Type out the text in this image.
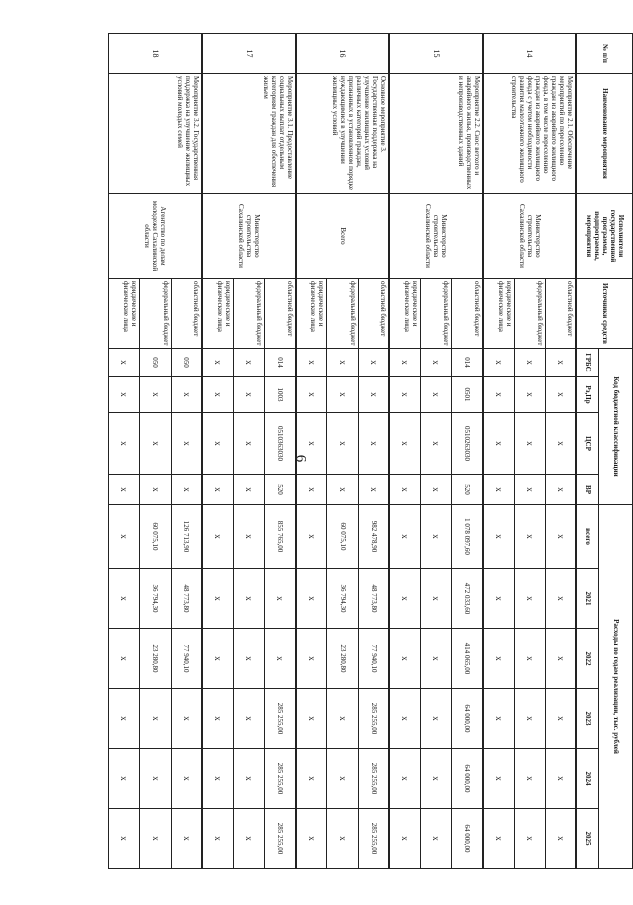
6
№ п/п	Наименование мероприятия	Исполнители государственной программы, подпрограммы, мероприятия	Источники средств	Код бюджетной классификации				Расходы по годам реализации, тыс. рублей					
				ГРБС	Рз,Пр	ЦСР	ВР	всего	2021	2022	2023	2024	2025
14	Мероприятие 2.1. Обеспечение мероприятий по переселению граждан из аварийного жилищного фонда, в том числе переселению граждан из аварийного жилищного фонда с учетом необходимости развития малоэтажного жилищного строительства	Министерство строительства Сахалинской области	областной бюджет	x	x	x	x	x	x	x	x	x	x
			федеральный бюджет	x	x	x	x	x	x	x	x	x	x
			юридические и физические лица	x	x	x	x	x	x	x	x	x	x
15	Мероприятие 2.2. Снос ветхого и аварийного жилья, производственных и непроизводственных зданий	Министерство строительства Сахалинской области	областной бюджет	014	0501	0510263030	520	1 078 097,60	472 033,60	414 065,00	64 000,00	64 000,00	64 000,00
			федеральный бюджет	x	x	x	x	x	x	x	x	x	x
			юридические и физические лица	x	x	x	x	x	x	x	x	x	x
16	Основное мероприятие 3. Государственная поддержка на улучшение жилищных условий различных категорий граждан, признанных в установленном порядке нуждающимися в улучшении жилищных условий	Всего	областной бюджет	x	x	x	x	982 478,90	48 773,80	77 940,10	285 255,00	285 255,00	285 255,00
			федеральный бюджет	x	x	x	x	60 075,10	36 794,30	23 280,80	x	x	x
			юридические и физические лица	x	x	x	x	x	x	x	x	x	x
17	Мероприятие 3.1. Предоставление социальных выплат отдельным категориям граждан для обеспечения жильем	Министерство строительства Сахалинской области	областной бюджет	014	1003	0510363030	520	855 765,00	x	x	285 255,00	285 255,00	285 255,00
			федеральный бюджет	x	x	x	x	x	x	x	x	x	x
			юридические и физические лица	x	x	x	x	x	x	x	x	x	x
18	Мероприятие 3.2. Государственная поддержка на улучшение жилищных условий молодых семей	Агентство по делам молодежи Сахалинской области	областной бюджет	050	x	x	x	126 713,90	48 773,80	77 940,10	x	x	x
			федеральный бюджет	050	x	x	x	60 075,10	36 794,30	23 280,80	x	x	x
			юридические и физические лица	x	x	x	x	x	x	x	x	x	x
